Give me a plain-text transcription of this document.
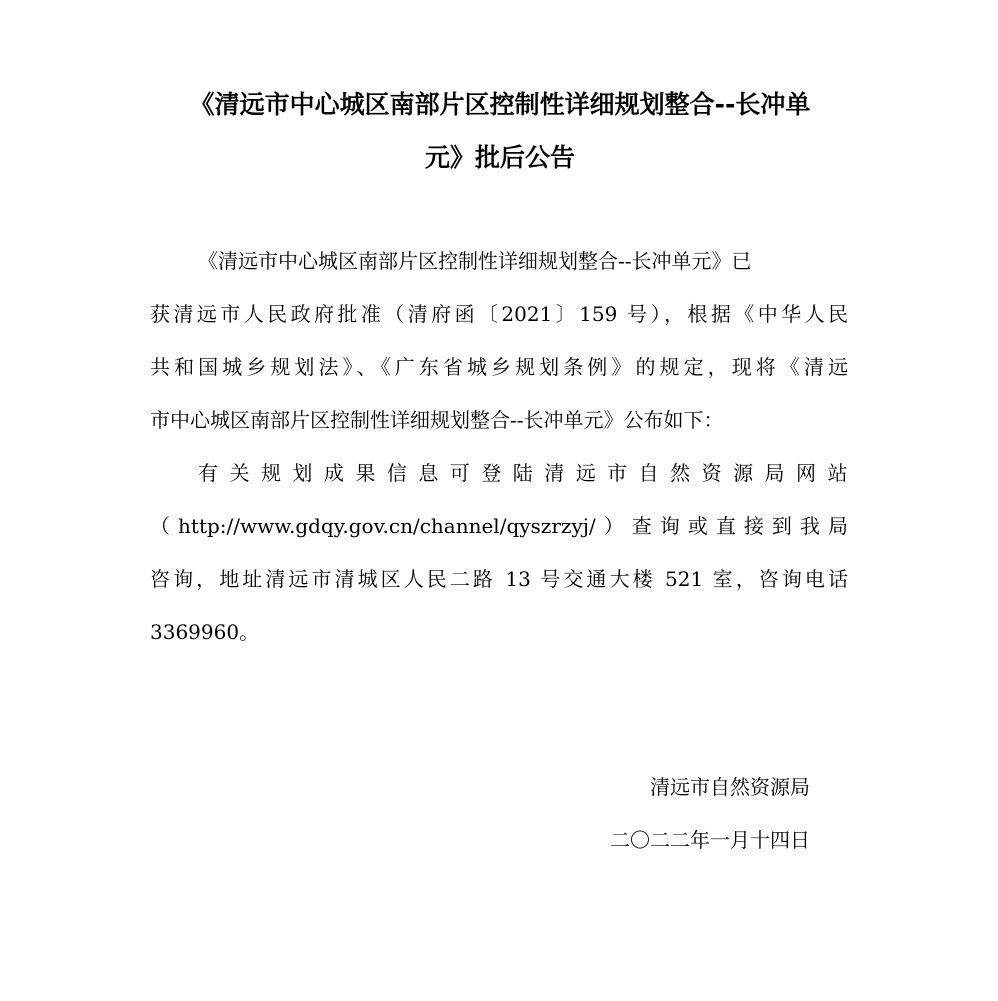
《清远市中心城区南部片区控制性详细规划整合--长冲单
元》批后公告
《清远市中心城区南部片区控制性详细规划整合--长冲单元》已
获清远市人民政府批准（清府函〔2021〕159 号），根据《中华人民
共和国城乡规划法》、《广东省城乡规划条例》的规定，现将《清远
市中心城区南部片区控制性详细规划整合--长冲单元》公布如下：
有关规划成果信息可登陆清远市自然资源局网站
（http://www.gdqy.gov.cn/channel/qyszrzyj/）查询或直接到我局
咨询，地址清远市清城区人民二路 13 号交通大楼 521 室，咨询电话
3369960。
清远市自然资源局
二〇二二年一月十四日
